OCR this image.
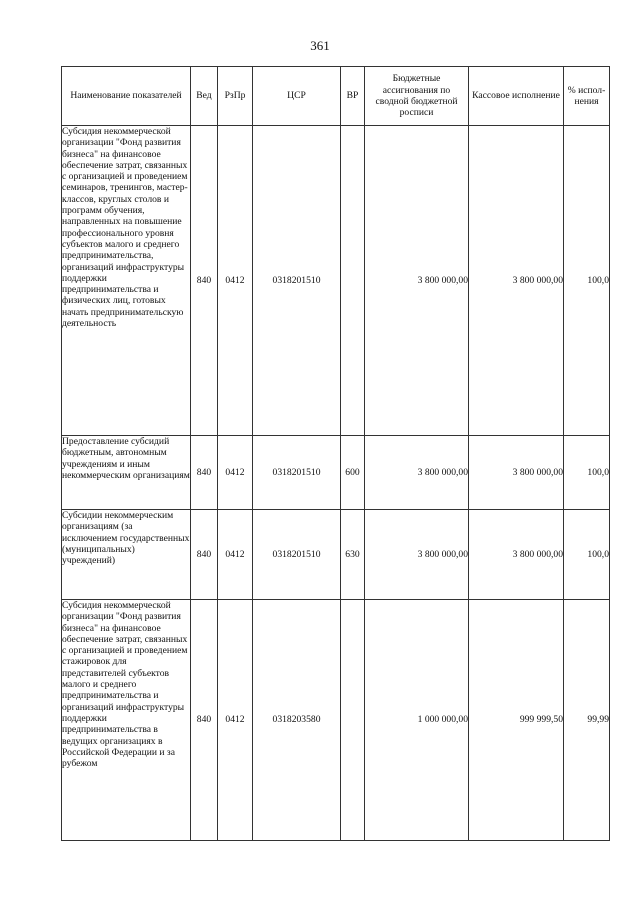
361
Наименование показателей	Вед	РзПр	ЦСР	ВР	Бюджетные ассигнования по сводной бюджетной росписи	Кассовое исполнение	% испол-нения
Субсидия некоммерческой организации "Фонд развития бизнеса" на финансовое обеспечение затрат, связанных с организацией и проведением семинаров, тренингов, мастер-классов, круглых столов и программ обучения, направленных на повышение профессионального уровня субъектов малого и среднего предпринимательства, организаций инфраструктуры поддержки предпринимательства и физических лиц, готовых начать предпринимательскую деятельность	840	0412	0318201510		3 800 000,00	3 800 000,00	100,0
Предоставление субсидий бюджетным, автономным учреждениям и иным некоммерческим организациям	840	0412	0318201510	600	3 800 000,00	3 800 000,00	100,0
Субсидии некоммерческим организациям (за исключением государственных (муниципальных) учреждений)	840	0412	0318201510	630	3 800 000,00	3 800 000,00	100,0
Субсидия некоммерческой организации "Фонд развития бизнеса" на финансовое обеспечение затрат, связанных с организацией и проведением стажировок для представителей субъектов малого и среднего предпринимательства и организаций инфраструктуры поддержки предпринимательства в ведущих организациях в Российской Федерации и за рубежом	840	0412	0318203580		1 000 000,00	999 999,50	99,99
